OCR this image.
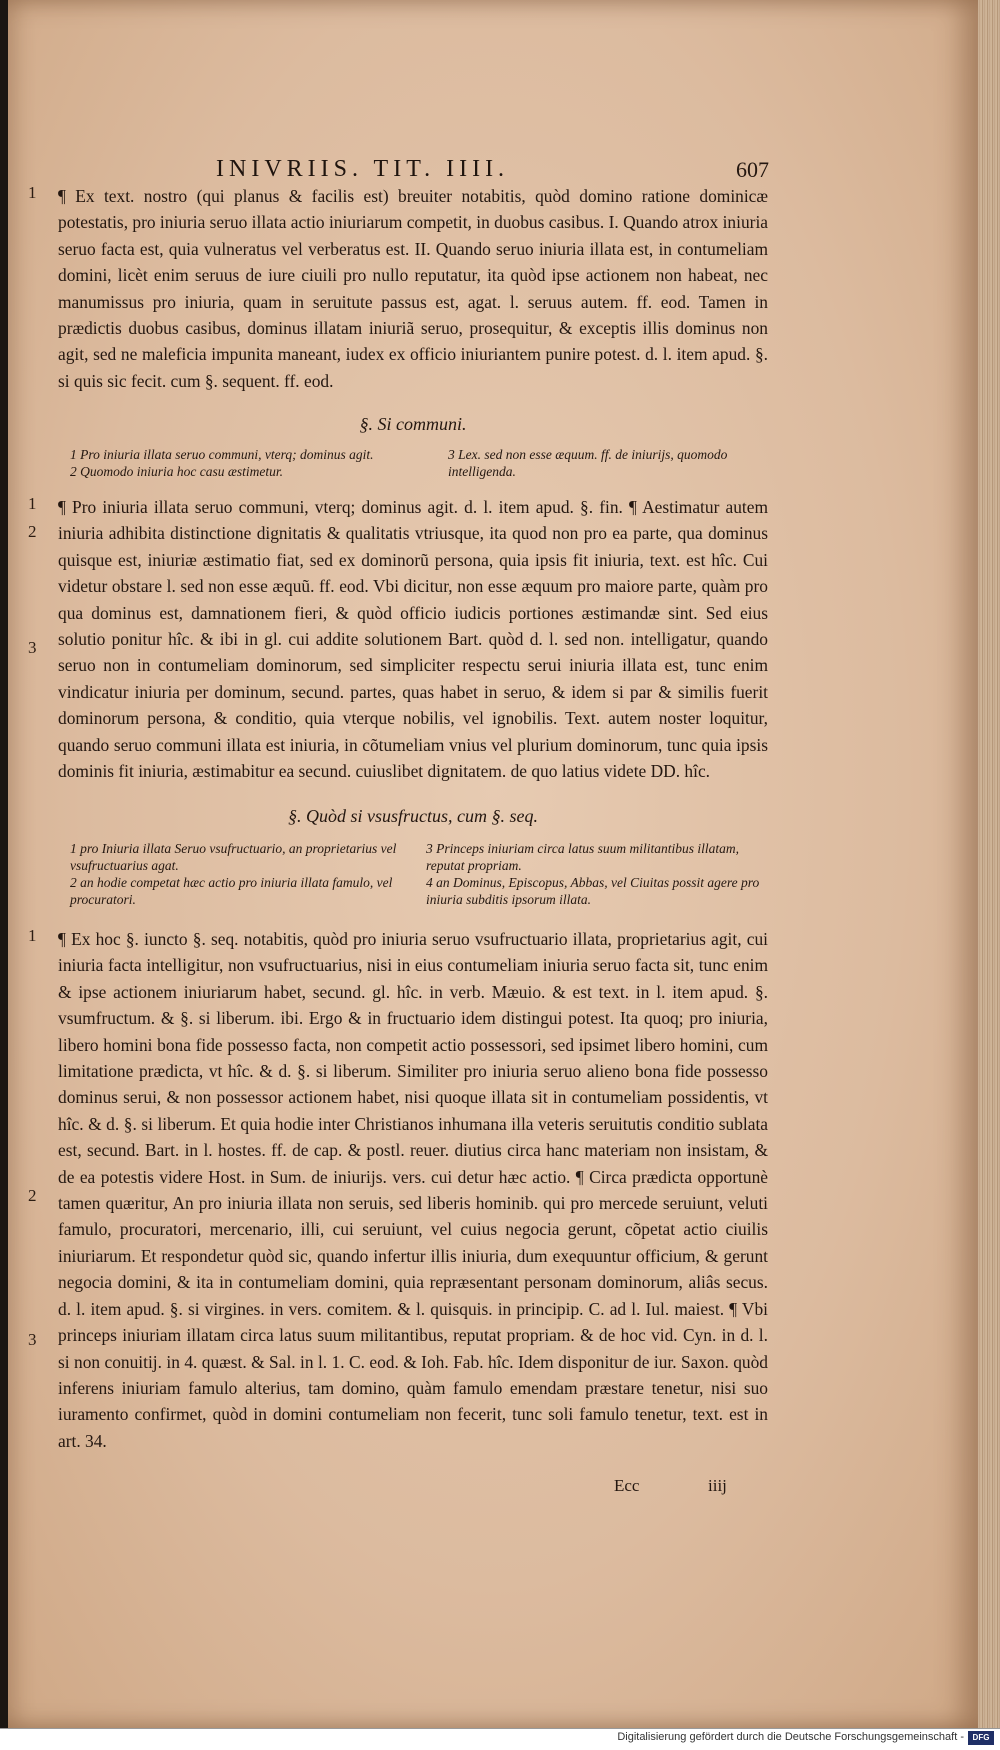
INIVRIIS. TIT. IIII.	607
1 ¶ Ex text. nostro (qui planus & facilis est) breuiter notabitis, quòd domino ratione dominicæ potestatis, pro iniuria seruo illata actio iniuriarum competit, in duobus casibus. I. Quando atrox iniuria seruo facta est, quia vulneratus vel verberatus est. II. Quando seruo iniuria illata est, in contumeliam domini, licèt enim seruus de iure ciuili pro nullo reputatur, ita quòd ipse actionem non habeat, nec manumissus pro iniuria, quam in seruitute passus est, agat. l. seruus autem. ff. eod. Tamen in prædictis duobus casibus, dominus illatam iniuriã seruo, prosequitur, & exceptis illis dominus non agit, sed ne maleficia impunita maneant, iudex ex officio iniuriantem punire potest. d. l. item apud. §. si quis sic fecit. cum §. sequent. ff. eod.
§. Si communi.

1 Pro iniuria illata seruo communi, vterq; dominus agit.

2 Quomodo iniuria hoc casu æstimetur.

3 Lex. sed non esse æquum. ff. de iniurijs, quomodo intelligenda.

1
2
3
¶ Pro iniuria illata seruo communi, vterq; dominus agit. d. l. item apud. §. fin. ¶ Aestimatur autem iniuria adhibita distinctione dignitatis & qualitatis vtriusque, ita quod non pro ea parte, qua dominus quisque est, iniuriæ æstimatio fiat, sed ex dominorũ persona, quia ipsis fit iniuria, text. est hîc. Cui videtur obstare l. sed non esse æquũ. ff. eod. Vbi dicitur, non esse æquum pro maiore parte, quàm pro qua dominus est, damnationem fieri, & quòd officio iudicis portiones æstimandæ sint. Sed eius solutio ponitur hîc. & ibi in gl. cui addite solutionem Bart. quòd d. l. sed non. intelligatur, quando seruo non in contumeliam dominorum, sed simpliciter respectu serui iniuria illata est, tunc enim vindicatur iniuria per dominum, secund. partes, quas habet in seruo, & idem si par & similis fuerit dominorum persona, & conditio, quia vterque nobilis, vel ignobilis. Text. autem noster loquitur, quando seruo communi illata est iniuria, in cõtumeliam vnius vel plurium dominorum, tunc quia ipsis dominis fit iniuria, æstimabitur ea secund. cuiuslibet dignitatem. de quo latius videte DD. hîc.
§. Quòd si vsusfructus, cum §. seq.

1 pro Iniuria illata Seruo vsufructuario, an proprietarius vel vsufructuarius agat.

2 an hodie competat hæc actio pro iniuria illata famulo, vel procuratori.

3 Princeps iniuriam circa latus suum militantibus illatam, reputat propriam.

4 an Dominus, Episcopus, Abbas, vel Ciuitas possit agere pro iniuria subditis ipsorum illata.

1
2
3
¶ Ex hoc §. iuncto §. seq. notabitis, quòd pro iniuria seruo vsufructuario illata, proprietarius agit, cui iniuria facta intelligitur, non vsufructuarius, nisi in eius contumeliam iniuria seruo facta sit, tunc enim & ipse actionem iniuriarum habet, secund. gl. hîc. in verb. Mæuio. & est text. in l. item apud. §. vsumfructum. & §. si liberum. ibi. Ergo & in fructuario idem distingui potest. Ita quoq; pro iniuria, libero homini bona fide possesso facta, non competit actio possessori, sed ipsimet libero homini, cum limitatione prædicta, vt hîc. & d. §. si liberum. Similiter pro iniuria seruo alieno bona fide possesso dominus serui, & non possessor actionem habet, nisi quoque illata sit in contumeliam possidentis, vt hîc. & d. §. si liberum. Et quia hodie inter Christianos inhumana illa veteris seruitutis conditio sublata est, secund. Bart. in l. hostes. ff. de cap. & postl. reuer. diutius circa hanc materiam non insistam, & de ea potestis videre Host. in Sum. de iniurijs. vers. cui detur hæc actio. ¶ Circa prædicta opportunè tamen quæritur, An pro iniuria illata non seruis, sed liberis hominib. qui pro mercede seruiunt, veluti famulo, procuratori, mercenario, illi, cui seruiunt, vel cuius negocia gerunt, cõpetat actio ciuilis iniuriarum. Et respondetur quòd sic, quando infertur illis iniuria, dum exequuntur officium, & gerunt negocia domini, & ita in contumeliam domini, quia repræsentant personam dominorum, aliâs secus. d. l. item apud. §. si virgines. in vers. comitem. & l. quisquis. in principip. C. ad l. Iul. maiest. ¶ Vbi princeps iniuriam illatam circa latus suum militantibus, reputat propriam. & de hoc vid. Cyn. in d. l. si non conuitij. in 4. quæst. & Sal. in l. 1. C. eod. & Ioh. Fab. hîc. Idem disponitur de iur. Saxon. quòd inferens iniuriam famulo alterius, tam domino, quàm famulo emendam præstare tenetur, nisi suo iuramento confirmet, quòd in domini contumeliam non fecerit, tunc soli famulo tenetur, text. est in art. 34.
Ecc	iiij
Digitalisierung gefördert durch die Deutsche Forschungsgemeinschaft -	DFG
